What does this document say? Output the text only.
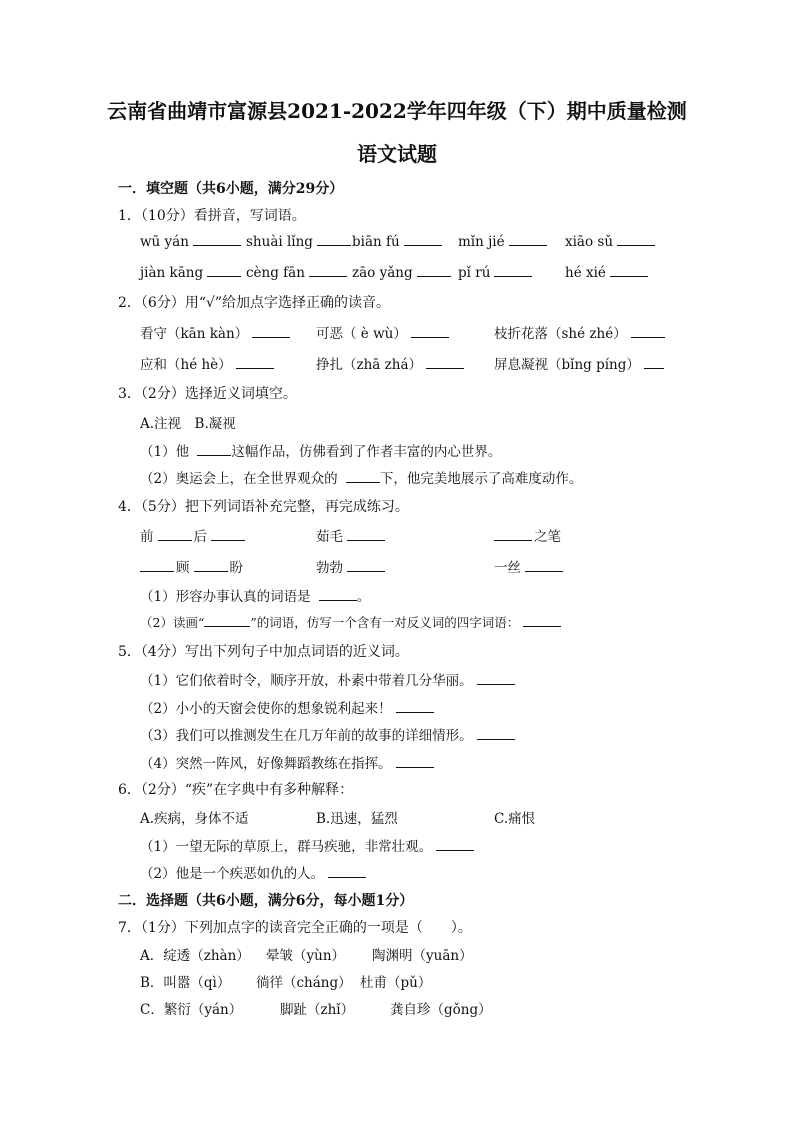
云南省曲靖市富源县2021-2022学年四年级（下）期中质量检测
语文试题
一．填空题（共6小题，满分29分）
1．（10分）看拼音，写词语。
wū yán	shuài lǐng	biān fú	mǐn jié	xiāo sǔ
jiàn kāng	cèng fān	zāo yǎng	pǐ rú	hé xié
2．（6分）用“√”给加点字选择正确的读音。
看守（kān kàn）	可恶（ è wù）	枝折花落（shé zhé）
应和（hé hè）	挣扎（zhā zhá）	屏息凝视（bǐng píng）
3．（2分）选择近义词填空。
A.注视　B.凝视
（1）他	这幅作品，仿佛看到了作者丰富的内心世界。
（2）奥运会上，在全世界观众的	下，他完美地展示了高难度动作。
4．（5分）把下列词语补充完整，再完成练习。
前	后	茹毛	之笔
顾	盼	勃勃	一丝
（1）形容办事认真的词语是	。
（2）读画“	”的词语，仿写一个含有一对反义词的四字词语：
5．（4分）写出下列句子中加点词语的近义词。
（1）它们依着时令，顺序开放，朴素中带着几分华丽。
（2）小小的天窗会使你的想象锐利起来！
（3）我们可以推测发生在几万年前的故事的详细情形。
（4）突然一阵风，好像舞蹈教练在指挥。
6．（2分）“疾”在字典中有多种解释：
A.疾病，身体不适	B.迅速，猛烈	C.痛恨
（1）一望无际的草原上，群马疾驰，非常壮观。
（2）他是一个疾恶如仇的人。
二．选择题（共6小题，满分6分，每小题1分）
7．（1分）下列加点字的读音完全正确的一项是（　　）。
A．绽透（zhàn） 晕皱（yùn） 陶渊明（yuān）
B．叫嚣（qì） 徜徉（cháng） 杜甫（pǔ）
C．繁衍（yán）	脚趾（zhǐ）	龚自珍（gǒng）
